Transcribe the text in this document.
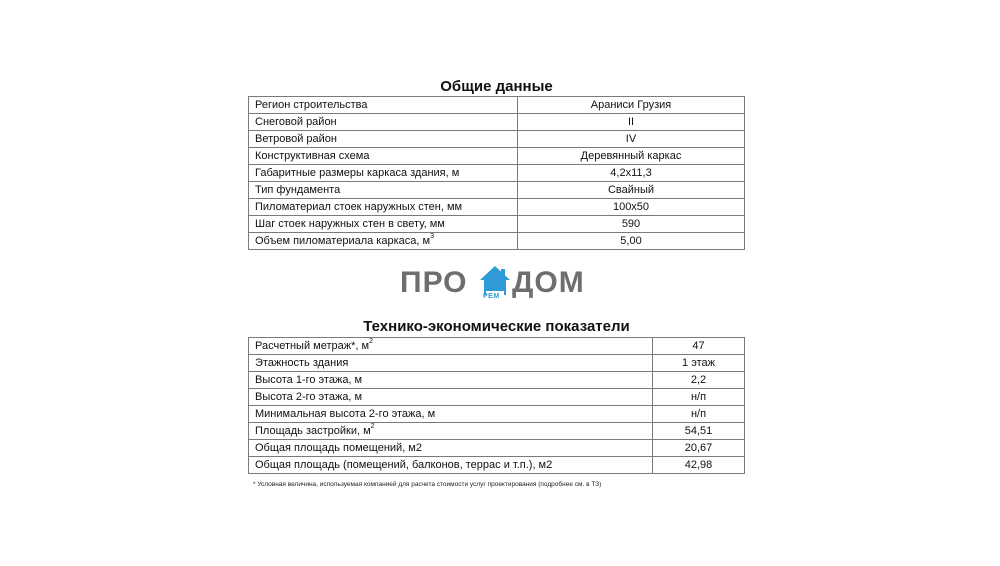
Общие данные
Регион строительства	Арaниси Грузия
Снеговой район	II
Ветровой район	IV
Конструктивная схема	Деревянный каркас
Габаритные размеры каркаса здания, м	4,2х11,3
Тип фундамента	Свайный
Пиломатериал стоек наружных стен, мм	100х50
Шаг стоек наружных стен в свету, мм	590
Объем пиломатериала каркаса, $м^3$	5,00
ПРО РЕМ ДОМ
Технико-экономические показатели
Расчетный метраж*, $м^2$	47
Этажность здания	1 этаж
Высота 1-го этажа, м	2,2
Высота 2-го этажа, м	н/п
Минимальная высота 2-го этажа, м	н/п
Площадь застройки, $м^2$	54,51
Общая площадь помещений, м2	20,67
Общая площадь (помещений, балконов, террас и т.п.), м2	42,98
* Условная величина, используемая компанией для расчета стоимости услуг проектирования (подробнее см. в ТЗ)
